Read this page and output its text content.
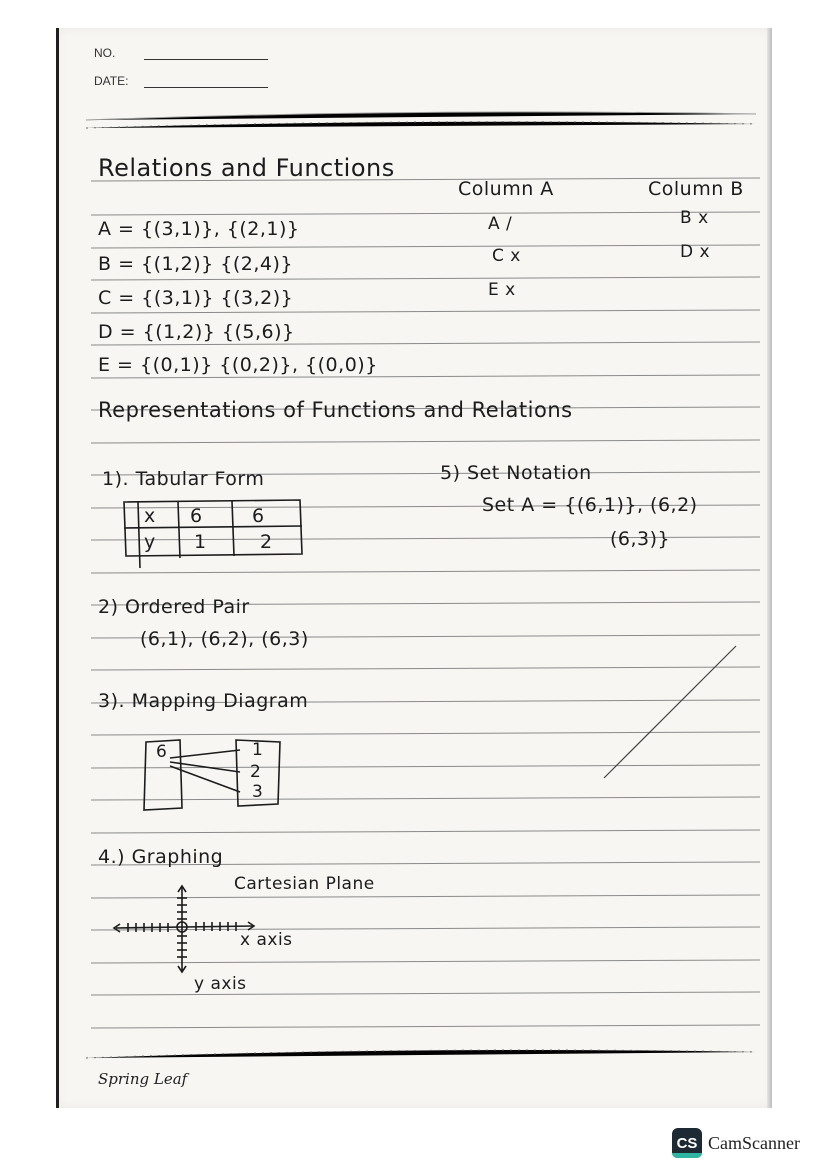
NO.
DATE:
Relations and Functions
A = {(3,1)}, {(2,1)}
B = {(1,2)} {(2,4)}
C = {(3,1)} {(3,2)}
D = {(1,2)} {(5,6)}
E = {(0,1)} {(0,2)}, {(0,0)}
Column A	Column B
A /
C x
E x
B x
D x
Representations of Functions and Relations
1). Tabular Form
x 6	6
y 1	2
5) Set Notation
Set A = {(6,1)}, (6,2)
(6,3)}
2) Ordered Pair
(6,1), (6,2), (6,3)
3). Mapping Diagram
6	1
2
3
4.) Graphing
Cartesian Plane
x axis
y axis
Spring Leaf
CS CamScanner
